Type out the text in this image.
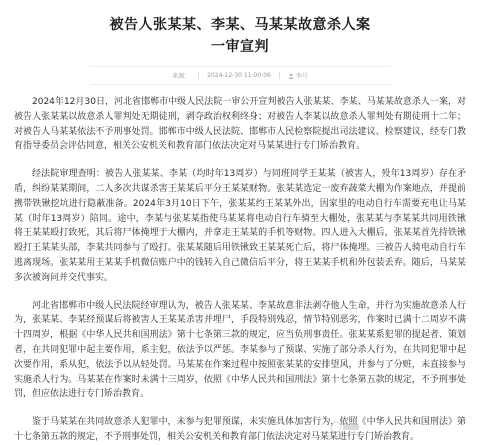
被告人张某某、李某、马某某故意杀人案
一审宣判
来源：	2024-12-30 11:00:06	李号

2024年12月30日，河北省邯郸市中级人民法院一审公开宣判被告人张某某、李某、马某某故意杀人一案，对被告人张某某以故意杀人罪判处无期徒刑，剥夺政治权利终身；对被告人李某以故意杀人罪判处有期徒刑十二年；对被告人马某某依法不予刑事处罚。邯郸市中级人民法院、邯郸市人民检察院提出司法建议、检察建议，经专门教育指导委员会评估同意，相关公安机关和教育部门依法决定对马某某进行专门矫治教育。

经法院审理查明：被告人张某某、李某（均时年13周岁）与同班同学王某某（被害人，殁年13周岁）存在矛盾，纠纷某某期间，二人多次共谋杀害王某某后平分王某某财物。张某某选定一废弃蔬菜大棚为作案地点，并提前携带铁锹挖坑进行隐蔽准备。2024年3月10日下午，张某某约王某某外出，因家里的电动自行车需要充电让马某某（时年13周岁）陪同。途中，李某与张某某指使马某某将电动自行车骑至大棚处，张某某与李某某共同用铁锹将王某某殴打致死，其后将尸体掩埋于大棚内，并拿走王某某的手机等财物。四人进入大棚后，张某某首先持铁锹殴打王某某头部，李某共同参与了殴打。张某某随后用铁锹致王某某死亡后，将尸体掩埋。三被告人骑电动自行车逃离现场。张某某用王某某手机微信账户中的钱转入自己微信后平分，将王某某手机和外包装丢弃。随后，马某某多次被询问并交代事实。

河北省邯郸市中级人民法院经审理认为，被告人张某某、李某故意非法剥夺他人生命，并行为实施故意杀人行为，张某某、李某经预谋后将被害人王某某杀害并埋尸，手段特别残忍，情节特别恶劣，作案时已满十二周岁不满十四周岁，根据《中华人民共和国刑法》第十七条第三款的规定，应当负刑事责任。张某某系犯罪的提起者、策划者，在共同犯罪中起主要作用，系主犯，依法予以严惩。李某参与了预谋、实施了部分杀人行为，在共同犯罪中起次要作用，系从犯，依法予以从轻处罚。马某某在作案过程中按照张某某的安排望风，并参与了分赃，未直接参与实施杀人行为。马某某在作案时未满十三周岁，依照《中华人民共和国刑法》第十七条第五款的规定，不予刑事处罚，但应依法进行专门矫治教育。

鉴于马某某在共同故意杀人犯罪中，未参与犯罪预谋，未实施具体加害行为，依照《中华人民共和国刑法》第十七条第五款的规定，不予刑事处罚，相关公安机关和教育部门依法决定对马某某进行专门矫治教育。
